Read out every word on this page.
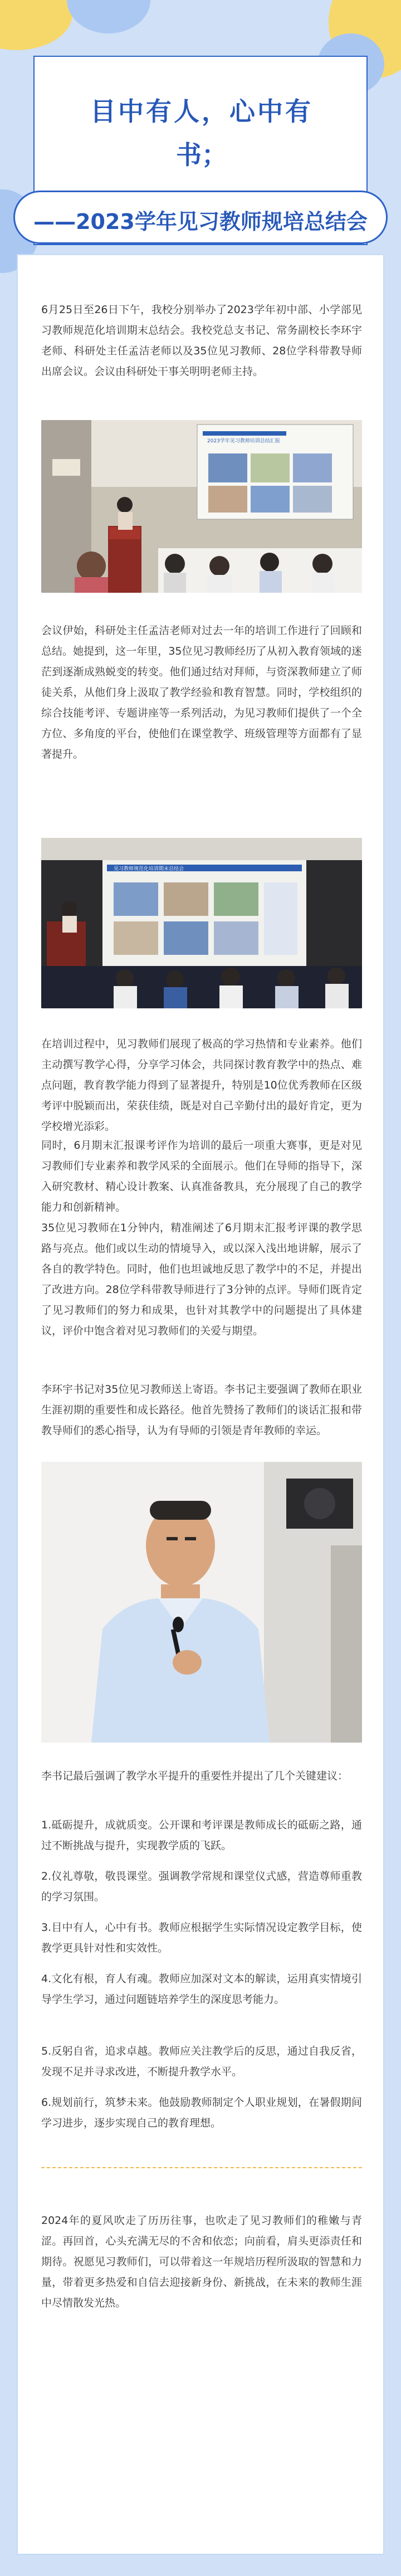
目中有人，心中有
书；
——2023学年见习教师规培总结会
6月25日至26日下午，我校分别举办了2023学年初中部、小学部见习教师规范化培训期末总结会。我校党总支书记、常务副校长李环宇老师、科研处主任孟洁老师以及35位见习教师、28位学科带教导师出席会议。会议由科研处干事关明明老师主持。
2023学年见习教师培训总结汇报
会议伊始，科研处主任孟洁老师对过去一年的培训工作进行了回顾和总结。她提到，这一年里，35位见习教师经历了从初入教育领域的迷茫到逐渐成熟蜕变的转变。他们通过结对拜师，与资深教师建立了师徒关系，从他们身上汲取了教学经验和教育智慧。同时，学校组织的综合技能考评、专题讲座等一系列活动，为见习教师们提供了一个全方位、多角度的平台，使他们在课堂教学、班级管理等方面都有了显著提升。
见习教师规范化培训期末总结会
在培训过程中，见习教师们展现了极高的学习热情和专业素养。他们主动撰写教学心得，分享学习体会，共同探讨教育教学中的热点、难点问题，教育教学能力得到了显著提升，特别是10位优秀教师在区级考评中脱颖而出，荣获佳绩，既是对自己辛勤付出的最好肯定，更为学校增光添彩。
同时，6月期末汇报课考评作为培训的最后一项重大赛事，更是对见习教师们专业素养和教学风采的全面展示。他们在导师的指导下，深入研究教材、精心设计教案、认真准备教具，充分展现了自己的教学能力和创新精神。
35位见习教师在1分钟内，精准阐述了6月期末汇报考评课的教学思路与亮点。他们或以生动的情境导入，或以深入浅出地讲解，展示了各自的教学特色。同时，他们也坦诚地反思了教学中的不足，并提出了改进方向。28位学科带教导师进行了3分钟的点评。导师们既肯定了见习教师们的努力和成果，也针对其教学中的问题提出了具体建议，评价中饱含着对见习教师们的关爱与期望。
李环宇书记对35位见习教师送上寄语。李书记主要强调了教师在职业生涯初期的重要性和成长路径。他首先赞扬了教师们的谈话汇报和带教导师们的悉心指导，认为有导师的引领是青年教师的幸运。
李书记最后强调了教学水平提升的重要性并提出了几个关键建议：
1.砥砺提升，成就质变。公开课和考评课是教师成长的砥砺之路，通过不断挑战与提升，实现教学质的飞跃。
2.仪礼尊敬，敬畏课堂。强调教学常规和课堂仪式感，营造尊师重教的学习氛围。
3.目中有人，心中有书。教师应根据学生实际情况设定教学目标，使教学更具针对性和实效性。
4.文化有根，育人有魂。教师应加深对文本的解读，运用真实情境引导学生学习，通过问题链培养学生的深度思考能力。
5.反躬自省，追求卓越。教师应关注教学后的反思，通过自我反省，发现不足并寻求改进，不断提升教学水平。
6.规划前行，筑梦未来。他鼓励教师制定个人职业规划，在暑假期间学习进步，逐步实现自己的教育理想。
2024年的夏风吹走了历历往事，也吹走了见习教师们的稚嫩与青涩。再回首，心头充满无尽的不舍和依恋；向前看，肩头更添责任和期待。祝愿见习教师们，可以带着这一年规培历程所汲取的智慧和力量，带着更多热爱和自信去迎接新身份、新挑战，在未来的教师生涯中尽情散发光热。
